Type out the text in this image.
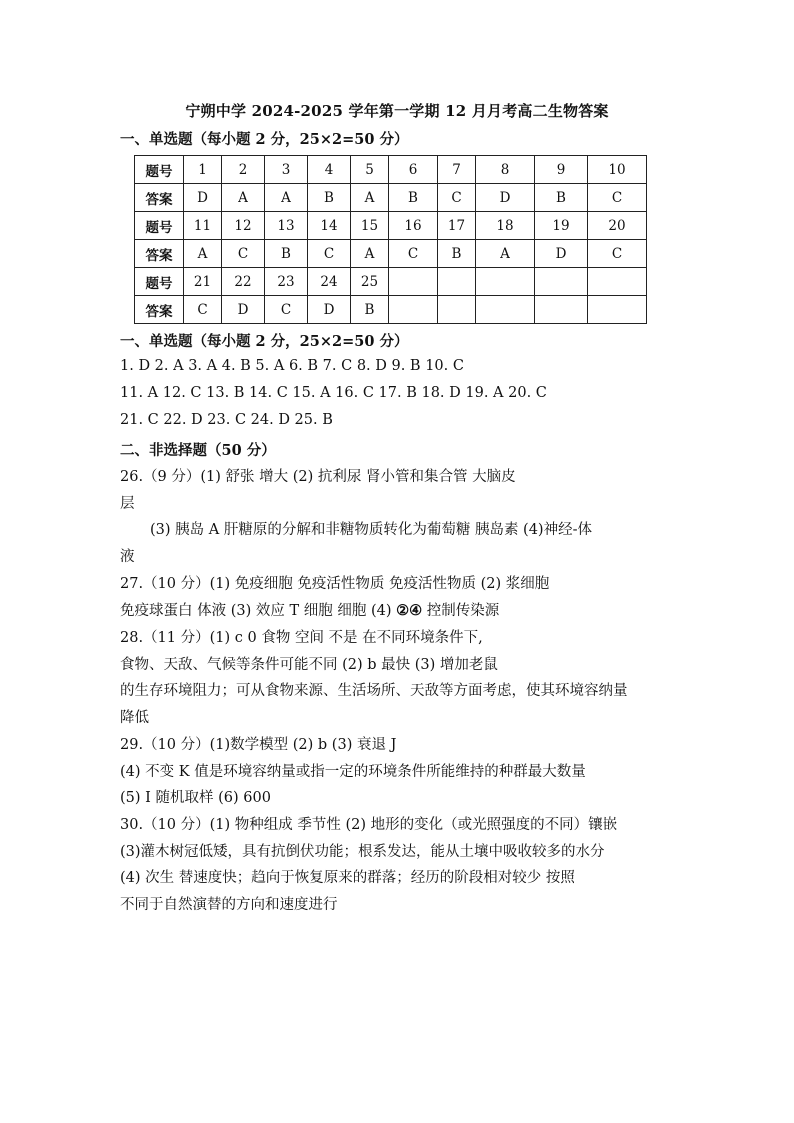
宁朔中学 2024-2025 学年第一学期 12 月月考高二生物答案
一、单选题（每小题 2 分，25×2=50 分）
题号	1	2	3	4	5	6	7	8	9	10
答案	D	A	A	B	A	B	C	D	B	C
题号	11	12	13	14	15	16	17	18	19	20
答案	A	C	B	C	A	C	B	A	D	C
题号	21	22	23	24	25					
答案	C	D	C	D	B					
一、单选题（每小题 2 分，25×2=50 分）
1. D 2. A 3. A 4. B 5. A 6. B 7. C 8. D 9. B 10. C
11. A 12. C 13. B 14. C 15. A 16. C 17. B 18. D 19. A 20. C
21. C 22. D 23. C 24. D 25. B
二、非选择题（50 分）
26.（9 分）(1) 舒张 增大 (2) 抗利尿 肾小管和集合管 大脑皮
层
(3) 胰岛 A 肝糖原的分解和非糖物质转化为葡萄糖 胰岛素 (4)神经-体
液
27.（10 分）(1) 免疫细胞 免疫活性物质 免疫活性物质 (2) 浆细胞
免疫球蛋白 体液 (3) 效应 T 细胞 细胞 (4) ②④ 控制传染源
28.（11 分）(1) c 0 食物 空间 不是 在不同环境条件下,
食物、天敌、气候等条件可能不同 (2) b 最快 (3) 增加老鼠
的生存环境阻力；可从食物来源、生活场所、天敌等方面考虑，使其环境容纳量
降低
29.（10 分）(1)数学模型 (2) b (3) 衰退 J
(4) 不变 K 值是环境容纳量或指一定的环境条件所能维持的种群最大数量
(5) I 随机取样 (6) 600
30.（10 分）(1) 物种组成 季节性 (2) 地形的变化（或光照强度的不同）镶嵌
(3)灌木树冠低矮，具有抗倒伏功能；根系发达，能从土壤中吸收较多的水分
(4) 次生 替速度快；趋向于恢复原来的群落；经历的阶段相对较少 按照
不同于自然演替的方向和速度进行
